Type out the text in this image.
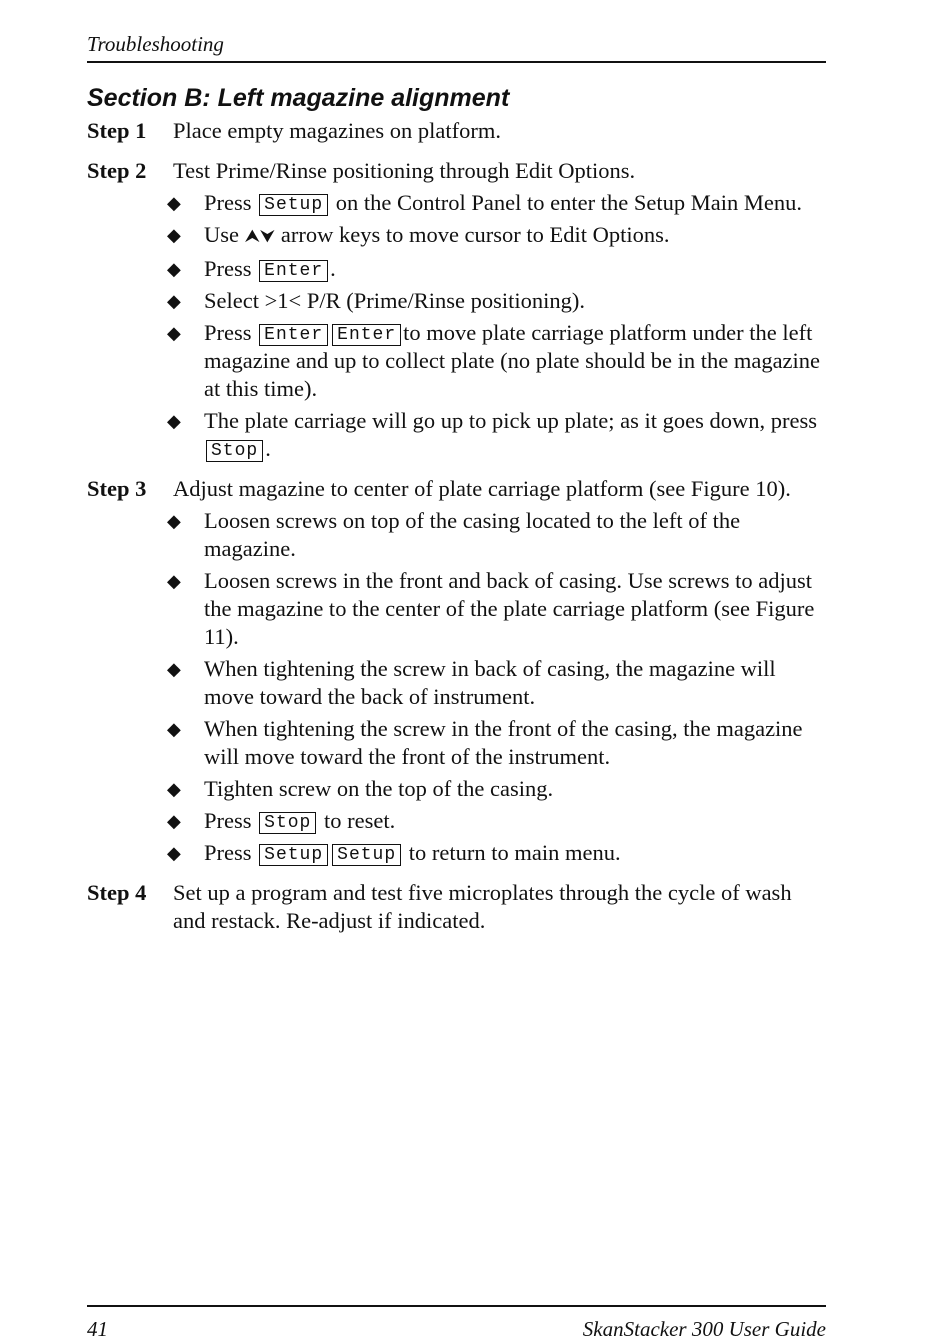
Troubleshooting
Section B: Left magazine alignment
Step 1 Place empty magazines on platform.
Step 2 Test Prime/Rinse positioning through Edit Options.
◆ Press Setup on the Control Panel to enter the Setup Main Menu.
◆ Use ⮝⮟ arrow keys to move cursor to Edit Options.
◆ Press Enter .
◆ Select >1< P/R (Prime/Rinse positioning).
◆ Press Enter Enter to move plate carriage platform under the left magazine and up to collect plate (no plate should be in the magazine at this time).
◆ The plate carriage will go up to pick up plate; as it goes down, press Stop .
Step 3 Adjust magazine to center of plate carriage platform (see Figure 10).
◆ Loosen screws on top of the casing located to the left of the magazine.
◆ Loosen screws in the front and back of casing. Use screws to adjust the magazine to the center of the plate carriage platform (see Figure 11).
◆ When tightening the screw in back of casing, the magazine will move toward the back of instrument.
◆ When tightening the screw in the front of the casing, the magazine will move toward the front of the instrument.
◆ Tighten screw on the top of the casing.
◆ Press Stop to reset.
◆ Press Setup Setup to return to main menu.
Step 4 Set up a program and test five microplates through the cycle of wash and restack. Re-adjust if indicated.
41	SkanStacker 300 User Guide
